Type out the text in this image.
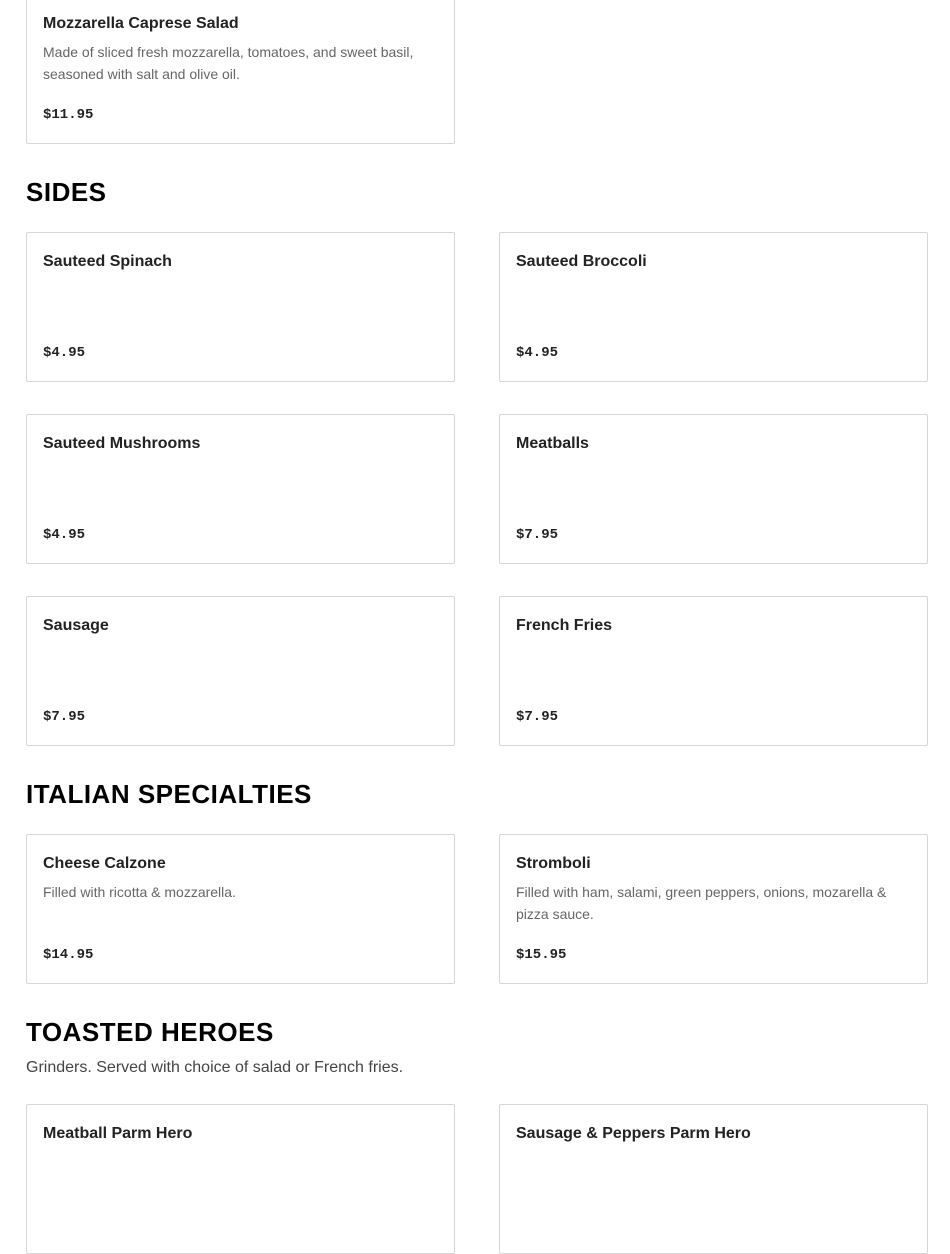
Mozzarella Caprese Salad
Made of sliced fresh mozzarella, tomatoes, and sweet basil, seasoned with salt and olive oil.
$11.95
SIDES
Sauteed Spinach
$4.95
Sauteed Broccoli
$4.95
Sauteed Mushrooms
$4.95
Meatballs
$7.95
Sausage
$7.95
French Fries
$7.95
ITALIAN SPECIALTIES
Cheese Calzone
Filled with ricotta & mozzarella.
$14.95
Stromboli
Filled with ham, salami, green peppers, onions, mozarella & pizza sauce.
$15.95
TOASTED HEROES
Grinders. Served with choice of salad or French fries.
Meatball Parm Hero	Sausage & Peppers Parm Hero
